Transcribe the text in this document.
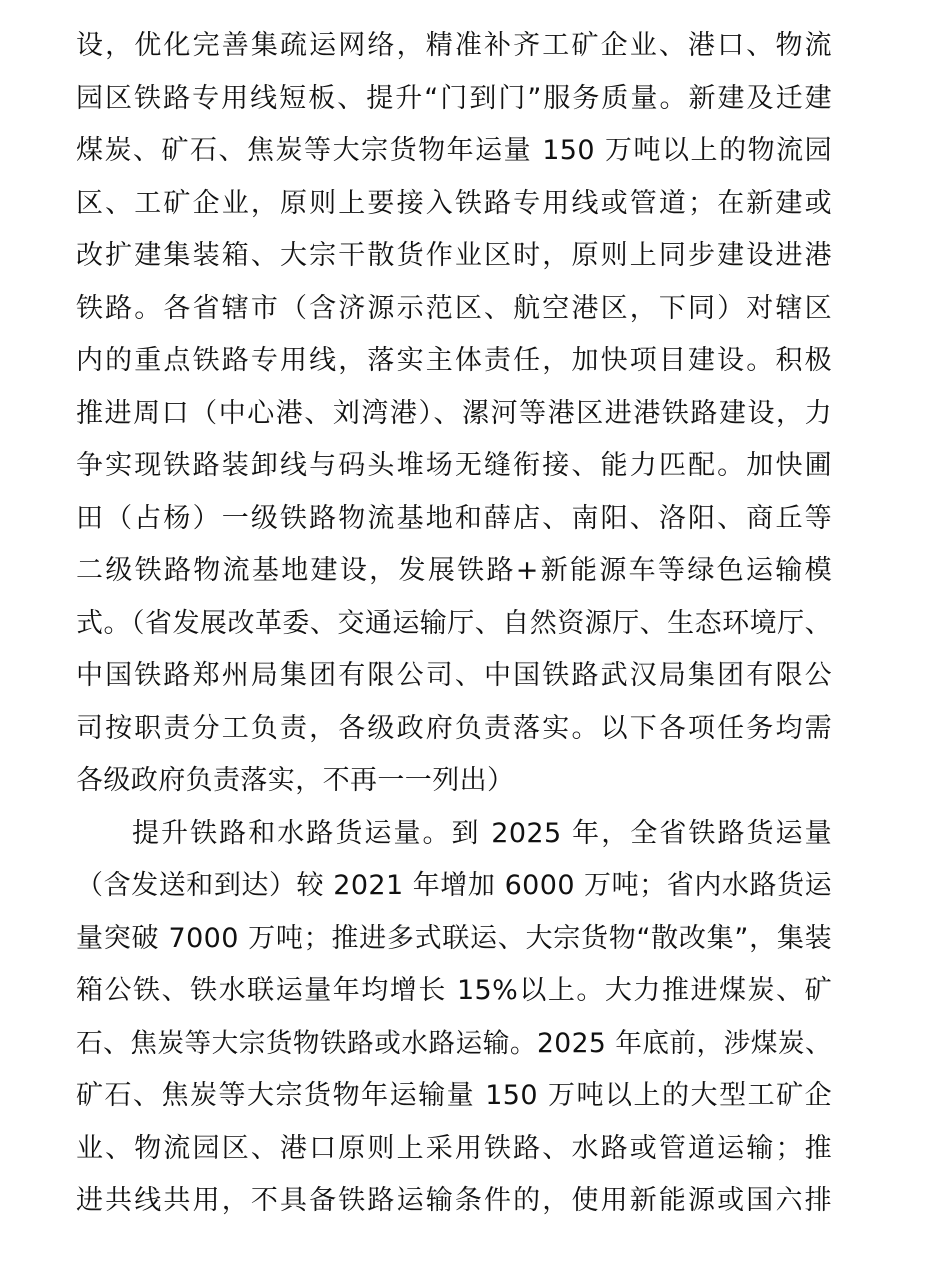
设，优化完善集疏运网络，精准补齐工矿企业、港口、物流
园区铁路专用线短板、提升“门到门”服务质量。新建及迁建
煤炭、矿石、焦炭等大宗货物年运量 150 万吨以上的物流园
区、工矿企业，原则上要接入铁路专用线或管道；在新建或
改扩建集装箱、大宗干散货作业区时，原则上同步建设进港
铁路。各省辖市（含济源示范区、航空港区，下同）对辖区
内的重点铁路专用线，落实主体责任，加快项目建设。积极
推进周口（中心港、刘湾港）、漯河等港区进港铁路建设，力
争实现铁路装卸线与码头堆场无缝衔接、能力匹配。加快圃
田（占杨）一级铁路物流基地和薛店、南阳、洛阳、商丘等
二级铁路物流基地建设，发展铁路+新能源车等绿色运输模
式。（省发展改革委、交通运输厅、自然资源厅、生态环境厅、
中国铁路郑州局集团有限公司、中国铁路武汉局集团有限公
司按职责分工负责，各级政府负责落实。以下各项任务均需
各级政府负责落实，不再一一列出）
提升铁路和水路货运量。到 2025 年，全省铁路货运量
（含发送和到达）较 2021 年增加 6000 万吨；省内水路货运
量突破 7000 万吨；推进多式联运、大宗货物“散改集”，集装
箱公铁、铁水联运量年均增长 15%以上。大力推进煤炭、矿
石、焦炭等大宗货物铁路或水路运输。2025 年底前，涉煤炭、
矿石、焦炭等大宗货物年运输量 150 万吨以上的大型工矿企
业、物流园区、港口原则上采用铁路、水路或管道运输；推
进共线共用，不具备铁路运输条件的，使用新能源或国六排
